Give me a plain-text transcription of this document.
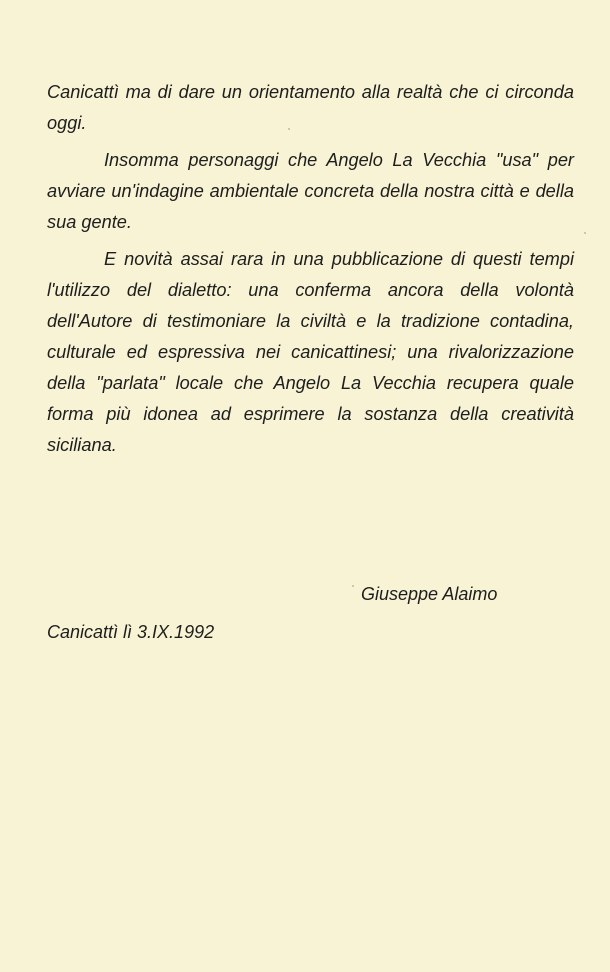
Canicattì ma di dare un orientamento alla realtà che ci circonda oggi.

Insomma personaggi che Angelo La Vecchia "usa" per avviare un'indagine ambientale concreta della nostra città e della sua gente.

E novità assai rara in una pubblicazione di questi tempi l'utilizzo del dialetto: una conferma ancora della volontà dell'Autore di testimoniare la civiltà e la tradizione contadina, culturale ed espressiva nei canicattinesi; una rivalorizzazione della "parlata" locale che Angelo La Vecchia recupera quale forma più idonea ad esprimere la sostanza della creatività siciliana.

Giuseppe Alaimo
Canicattì lì 3.IX.1992
